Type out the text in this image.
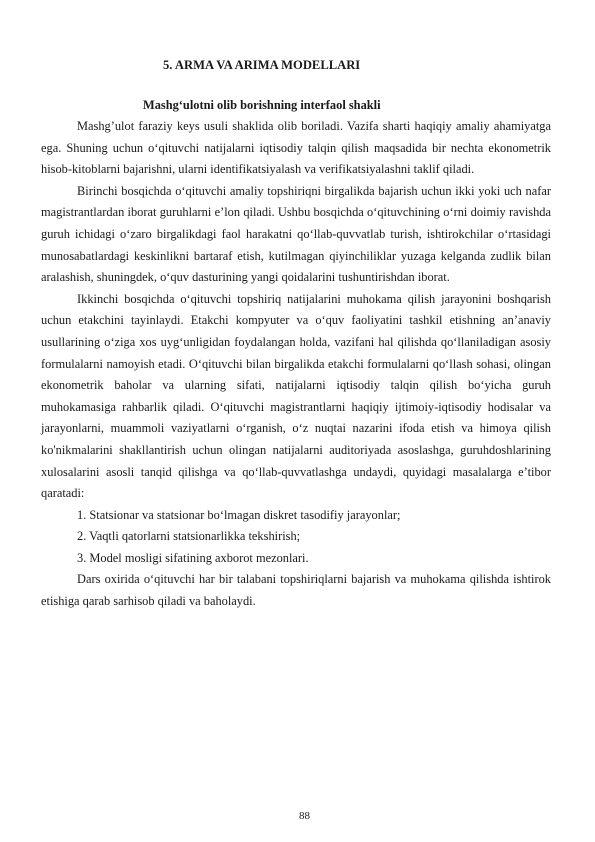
5. ARMA VA ARIMA MODELLARI
Mashg‘ulotni olib borishning interfaol shakli

Mashg’ulot faraziy keys usuli shaklida olib boriladi. Vazifa sharti haqiqiy amaliy ahamiyatga ega. Shuning uchun o‘qituvchi natijalarni iqtisodiy talqin qilish maqsadida bir nechta ekonometrik hisob-kitoblarni bajarishni, ularni identifikatsiyalash va verifikatsiyalashni taklif qiladi.

Birinchi bosqichda o‘qituvchi amaliy topshiriqni birgalikda bajarish uchun ikki yoki uch nafar magistrantlardan iborat guruhlarni e’lon qiladi. Ushbu bosqichda o‘qituvchining o‘rni doimiy ravishda guruh ichidagi o‘zaro birgalikdagi faol harakatni qo‘llab-quvvatlab turish, ishtirokchilar o‘rtasidagi munosabatlardagi keskinlikni bartaraf etish, kutilmagan qiyinchiliklar yuzaga kelganda zudlik bilan aralashish, shuningdek, o‘quv dasturining yangi qoidalarini tushuntirishdan iborat.

Ikkinchi bosqichda o‘qituvchi topshiriq natijalarini muhokama qilish jarayonini boshqarish uchun etakchini tayinlaydi. Etakchi kompyuter va o‘quv faoliyatini tashkil etishning an’anaviy usullarining o‘ziga xos uyg‘unligidan foydalangan holda, vazifani hal qilishda qo‘llaniladigan asosiy formulalarni namoyish etadi. O‘qituvchi bilan birgalikda etakchi formulalarni qo‘llash sohasi, olingan ekonometrik baholar va ularning sifati, natijalarni iqtisodiy talqin qilish bo‘yicha guruh muhokamasiga rahbarlik qiladi. O‘qituvchi magistrantlarni haqiqiy ijtimoiy-iqtisodiy hodisalar va jarayonlarni, muammoli vaziyatlarni o‘rganish, o‘z nuqtai nazarini ifoda etish va himoya qilish ko'nikmalarini shakllantirish uchun olingan natijalarni auditoriyada asoslashga, guruhdoshlarining xulosalarini asosli tanqid qilishga va qo‘llab-quvvatlashga undaydi, quyidagi masalalarga e’tibor qaratadi:

1. Statsionar va statsionar bo‘lmagan diskret tasodifiy jarayonlar;

2. Vaqtli qatorlarni statsionarlikka tekshirish;

3. Model mosligi sifatining axborot mezonlari.

Dars oxirida o‘qituvchi har bir talabani topshiriqlarni bajarish va muhokama qilishda ishtirok etishiga qarab sarhisob qiladi va baholaydi.

88
